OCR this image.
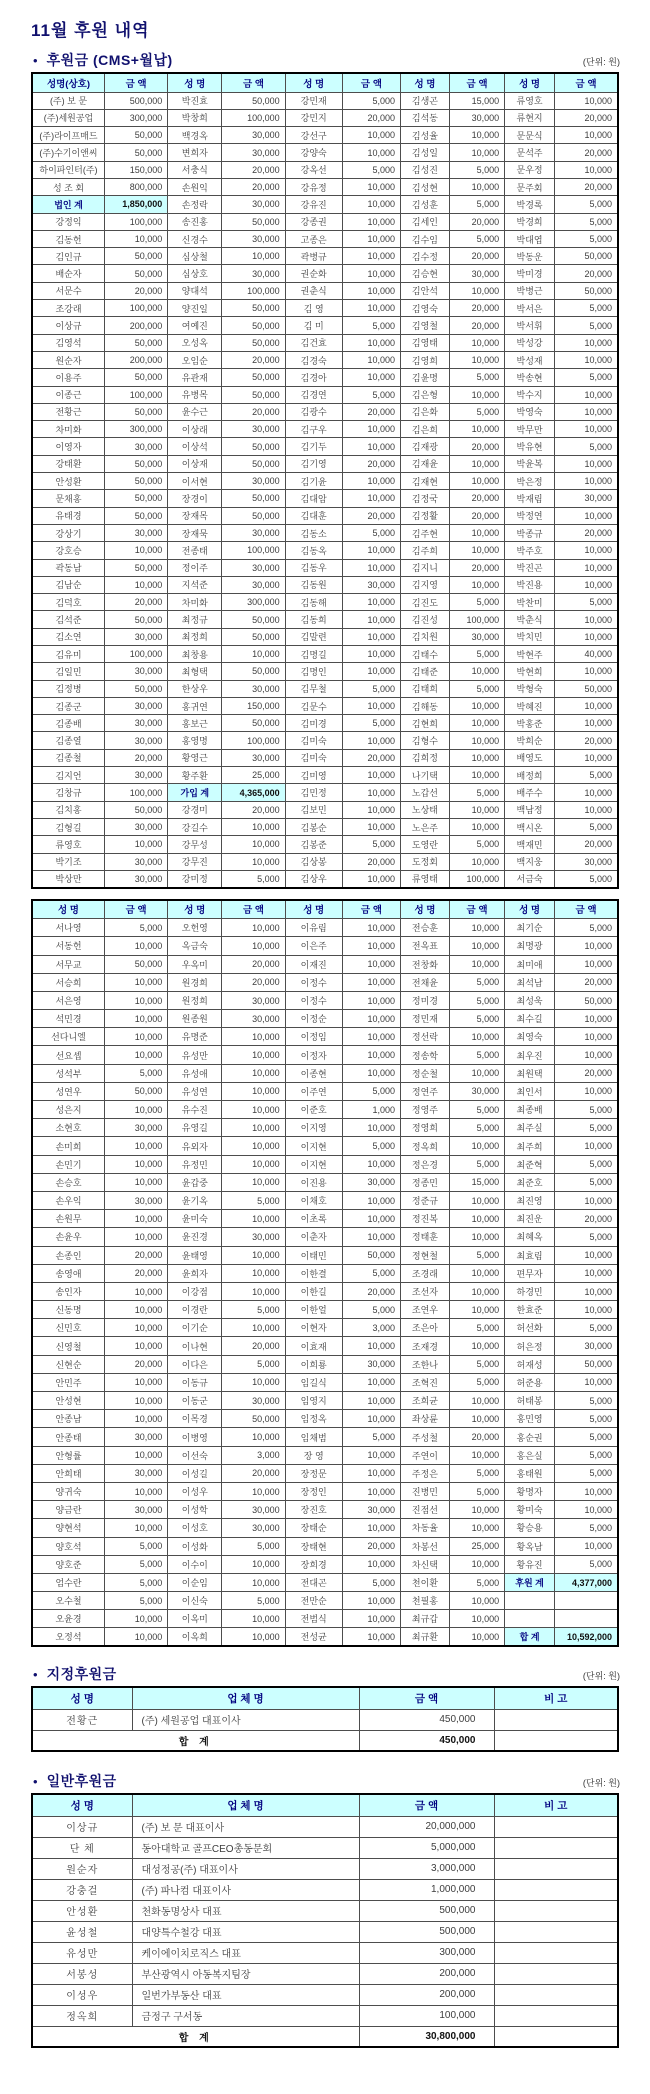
11월 후원 내역
• 후원금 (CMS+월납)	(단위: 원)
성명(상호)	금 액	성 명	금 액	성 명	금 액	성 명	금 액	성 명	금 액
(주) 보 문	500,000	박진효	50,000	강민재	5,000	김생곤	15,000	류영호	10,000
(주)세원공업	300,000	박창희	100,000	강민지	20,000	김석동	30,000	류현지	20,000
(주)라이프매드	50,000	백경옥	30,000	강선구	10,000	김성율	10,000	문문식	10,000
(주)수기이앤씨	50,000	변희자	30,000	강양숙	10,000	김성일	10,000	문석주	20,000
하이파인터(주)	150,000	서충식	20,000	강옥선	5,000	김성진	5,000	문우정	10,000
성 조 회	800,000	손원익	20,000	강유정	10,000	김성현	10,000	문주회	20,000
법인 계	1,850,000	손정락	30,000	강유진	10,000	김성훈	5,000	박경록	5,000
강정익	100,000	송진홍	50,000	강종권	10,000	김세인	20,000	박경희	5,000
김동헌	10,000	신경수	30,000	고종은	10,000	김수임	5,000	박대엽	5,000
김인규	50,000	심상철	10,000	곽병규	10,000	김수정	20,000	박동운	50,000
배순자	50,000	심상호	30,000	권순화	10,000	김승현	30,000	박미경	20,000
서문수	20,000	양대석	100,000	권춘식	10,000	김안석	10,000	박병근	50,000
조강래	100,000	양진일	50,000	김 영	10,000	김영숙	20,000	박서은	5,000
이상규	200,000	여예진	50,000	김 미	5,000	김영철	20,000	박서휘	5,000
김영석	50,000	오성옥	50,000	김건효	10,000	김영태	10,000	박성강	10,000
원순자	200,000	오임순	20,000	김경숙	10,000	김영희	10,000	박성재	10,000
이용주	50,000	유관재	50,000	김경아	10,000	김윤명	5,000	박송현	5,000
이종근	100,000	유병목	50,000	김경연	5,000	김은형	10,000	박수지	10,000
전황근	50,000	윤수근	20,000	김광수	20,000	김은화	5,000	박영숙	10,000
차미화	300,000	이상래	30,000	김구우	10,000	김은희	10,000	박무만	10,000
이영자	30,000	이상석	50,000	김기두	10,000	김재광	20,000	박유현	5,000
강태환	50,000	이상재	50,000	김기영	20,000	김재윤	10,000	박윤복	10,000
안성환	50,000	이서현	30,000	김기윤	10,000	김재현	10,000	박은정	10,000
문채홍	50,000	장경이	50,000	김대암	10,000	김정국	20,000	박재림	30,000
유태경	50,000	장재목	50,000	김대훈	20,000	김정활	20,000	박정연	10,000
강상기	30,000	장재묵	30,000	김동소	5,000	김주현	10,000	박종규	20,000
강호승	10,000	전종태	100,000	김동옥	10,000	김주희	10,000	박주호	10,000
곽동남	50,000	정이주	30,000	김동우	10,000	김지니	20,000	박진곤	10,000
김남순	10,000	지석준	30,000	김동원	30,000	김지영	10,000	박진용	10,000
김덕호	20,000	차미화	300,000	김동해	10,000	김진도	5,000	박찬미	5,000
김석준	50,000	최정규	50,000	김동희	10,000	김진성	100,000	박춘식	10,000
김소연	30,000	최정희	50,000	김말련	10,000	김치원	30,000	박치민	10,000
김유미	100,000	최창용	10,000	김명길	10,000	김태수	5,000	박현주	40,000
김일민	30,000	최형택	50,000	김명인	10,000	김태준	10,000	박현희	10,000
김정병	50,000	한상우	30,000	김무철	5,000	김태희	5,000	박형숙	50,000
김종군	30,000	홍귀연	150,000	김문수	10,000	김해동	10,000	박혜진	10,000
김종배	30,000	홍보근	50,000	김미경	5,000	김현희	10,000	박홍준	10,000
김종열	30,000	홍영명	100,000	김미숙	10,000	김형수	10,000	박희순	20,000
김종철	20,000	황영근	30,000	김미숙	20,000	김희정	10,000	배영도	10,000
김지언	30,000	황주환	25,000	김미영	10,000	나기택	10,000	배정희	5,000
김창규	100,000	가입 계	4,365,000	김민정	10,000	노갑선	5,000	배주수	10,000
김치홍	50,000	강경미	20,000	김보민	10,000	노상태	10,000	백남정	10,000
김형길	30,000	강길수	10,000	김봉순	10,000	노은주	10,000	백시온	5,000
류영호	10,000	강무성	10,000	김봉준	5,000	도영란	5,000	백재민	20,000
박기조	30,000	강무진	10,000	김상봉	20,000	도정회	10,000	백지웅	30,000
박상만	30,000	강미정	5,000	김상우	10,000	류영태	100,000	서금숙	5,000
성 명	금 액	성 명	금 액	성 명	금 액	성 명	금 액	성 명	금 액
서나영	5,000	오헌영	10,000	이유림	10,000	전승훈	10,000	최기순	5,000
서동헌	10,000	옥금숙	10,000	이은주	10,000	전옥표	10,000	최명광	10,000
서무교	50,000	우옥미	20,000	이재진	10,000	전창화	10,000	최미애	10,000
서승희	10,000	원경희	20,000	이정수	10,000	전채윤	5,000	최석남	20,000
서은영	10,000	원정희	30,000	이정수	10,000	정미경	5,000	최성욱	50,000
석민경	10,000	원종원	30,000	이정순	10,000	정민재	5,000	최수길	10,000
선다니엘	10,000	유명준	10,000	이정임	10,000	정선락	10,000	최영숙	10,000
선요셉	10,000	유성만	10,000	이정자	10,000	정송학	5,000	최우진	10,000
성석부	5,000	유성애	10,000	이종현	10,000	정순철	10,000	최원택	20,000
성연우	50,000	유성연	10,000	이주연	5,000	정연주	30,000	최인서	10,000
성은지	10,000	유수진	10,000	이준호	1,000	정영주	5,000	최종배	5,000
소현호	30,000	유영길	10,000	이지영	10,000	정영희	5,000	최주실	5,000
손미희	10,000	유외자	10,000	이지현	5,000	정옥희	10,000	최주희	10,000
손민기	10,000	유정민	10,000	이지현	10,000	정은경	5,000	최준혁	5,000
손승호	10,000	윤갑중	10,000	이진용	30,000	정종민	15,000	최준호	5,000
손우익	30,000	윤기옥	5,000	이채호	10,000	정준규	10,000	최진영	10,000
손원무	10,000	윤미숙	10,000	이초록	10,000	정진복	10,000	최진운	20,000
손윤우	10,000	윤진경	30,000	이춘자	10,000	정태훈	10,000	최혜옥	5,000
손종인	20,000	윤태영	10,000	이태민	50,000	정현철	5,000	최효림	10,000
송영애	20,000	윤희자	10,000	이한결	5,000	조경래	10,000	편무자	10,000
송인자	10,000	이강점	10,000	이한길	20,000	조선자	10,000	하경민	10,000
신동명	10,000	이경란	5,000	이한얼	5,000	조연우	10,000	한효준	10,000
신민호	10,000	이기순	10,000	이현자	3,000	조은아	5,000	허선화	5,000
신영철	10,000	이나현	20,000	이효재	10,000	조재경	10,000	허은정	30,000
신현순	20,000	이다은	5,000	이희룡	30,000	조한나	5,000	허재성	50,000
안민주	10,000	이동규	10,000	임길식	10,000	조혁진	5,000	허준용	10,000
안성현	10,000	이동군	30,000	임영지	10,000	조희균	10,000	허태봉	5,000
안종남	10,000	이목경	50,000	임정옥	10,000	좌상륜	10,000	홍민영	5,000
안종태	30,000	이병영	10,000	임채범	5,000	주성철	20,000	홍순권	5,000
안형률	10,000	이선숙	3,000	장 영	10,000	주연이	10,000	홍은실	5,000
안희태	30,000	이성길	20,000	장정문	10,000	주정은	5,000	홍태원	5,000
양귀숙	10,000	이성우	10,000	장정인	10,000	진병민	5,000	황명자	10,000
양금란	30,000	이성학	30,000	장진호	30,000	진점선	10,000	황미숙	10,000
양현석	10,000	이성호	30,000	장태순	10,000	차동율	10,000	황승용	5,000
양호석	5,000	이성화	5,000	장태현	20,000	차봉선	25,000	황옥남	10,000
양호준	5,000	이수이	10,000	장희경	10,000	차신택	10,000	황유진	5,000
엄수란	5,000	이순임	10,000	전대곤	5,000	천이환	5,000	후원 계	4,377,000
오수철	5,000	이신숙	5,000	전만순	10,000	천필홍	10,000		
오윤경	10,000	이옥미	10,000	전범식	10,000	최규갑	10,000		
오정석	10,000	이옥희	10,000	전성균	10,000	최규환	10,000	합 계	10,592,000
• 지정후원금	(단위: 원)
성 명	업 체 명	금 액	비 고
전황근	(주) 세원공업 대표이사	450,000	
합 계		450,000	
• 일반후원금	(단위: 원)
성 명	업 체 명	금 액	비 고
이상규	(주) 보 문 대표이사	20,000,000	
단 체	동아대학교 골프CEO총동문회	5,000,000	
원순자	대성정공(주) 대표이사	3,000,000	
강충걸	(주) 파나컴 대표이사	1,000,000	
안성환	천화동명상사 대표	500,000	
윤성철	대양특수철강 대표	500,000	
유성만	케이에이치로직스 대표	300,000	
서봉성	부산광역시 아동복지팀장	200,000	
이성우	일번가부동산 대표	200,000	
정옥희	금정구 구서동	100,000	
합 계		30,800,000	
